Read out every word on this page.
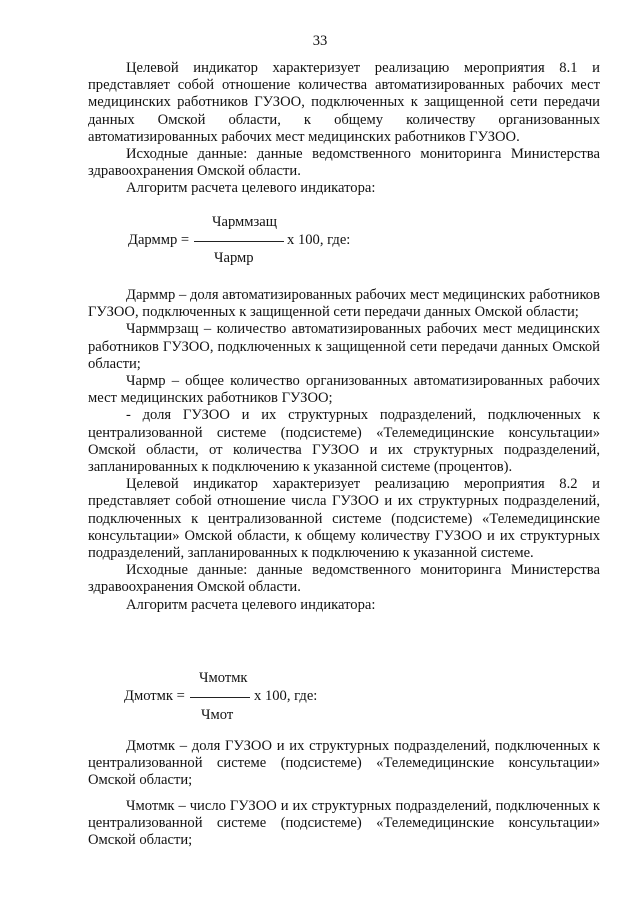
33

Целевой индикатор характеризует реализацию мероприятия 8.1 и представляет собой отношение количества автоматизированных рабочих мест медицинских работников ГУЗОО, подключенных к защищенной сети передачи данных Омской области, к общему количеству организованных автоматизированных рабочих мест медицинских работников ГУЗОО.

Исходные данные: данные ведомственного мониторинга Министерства здравоохранения Омской области.

Алгоритм расчета целевого индикатора:

Дарммр =
Чарммзащ
Чармр
х 100, где:

Дарммр – доля автоматизированных рабочих мест медицинских работников ГУЗОО, подключенных к защищенной сети передачи данных Омской области;

Чарммрзащ – количество автоматизированных рабочих мест медицинских работников ГУЗОО, подключенных к защищенной сети передачи данных Омской области;

Чармр – общее количество организованных автоматизированных рабочих мест медицинских работников ГУЗОО;

- доля ГУЗОО и их структурных подразделений, подключенных к централизованной системе (подсистеме) «Телемедицинские консультации» Омской области, от количества ГУЗОО и их структурных подразделений, запланированных к подключению к указанной системе (процентов).

Целевой индикатор характеризует реализацию мероприятия 8.2 и представляет собой отношение числа ГУЗОО и их структурных подразделений, подключенных к централизованной системе (подсистеме) «Телемедицинские консультации» Омской области, к общему количеству ГУЗОО и их структурных подразделений, запланированных к подключению к указанной системе.

Исходные данные: данные ведомственного мониторинга Министерства здравоохранения Омской области.

Алгоритм расчета целевого индикатора:

Дмотмк =
Чмотмк
Чмот
х 100, где:

Дмотмк – доля ГУЗОО и их структурных подразделений, подключенных к централизованной системе (подсистеме) «Телемедицинские консультации» Омской области;

Чмотмк – число ГУЗОО и их структурных подразделений, подключенных к централизованной системе (подсистеме) «Телемедицинские консультации» Омской области;
